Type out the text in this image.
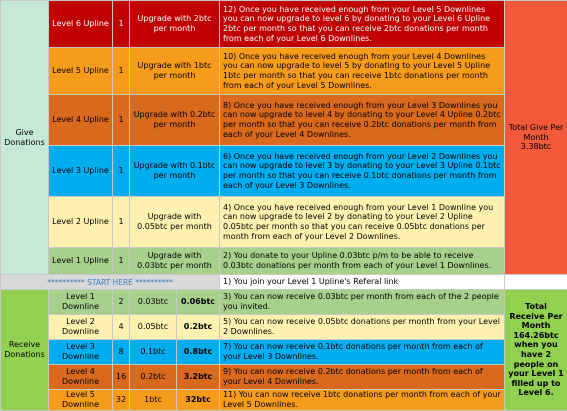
Give Donations	Level 6 Upline	1	Upgrade with 2btc per month		12) Once you have received enough from your Level 5 Downlines you can now upgrade to level 6 by donating to your Level 6 Upline 2btc per month so that you can receive 2btc donations per month from each of your Level 6 Downlines.	Total Give Per Month 3.38btc
	Level 5 Upline	1	Upgrade with 1btc per month		10) Once you have received enough from your Level 4 Downlines you can now upgrade to level 5 by donating to your Level 5 Upline 1btc per month so that you can receive 1btc donations per month from each of your Level 5 Downlines.	
	Level 4 Upline	1	Upgrade with 0.2btc per month		8) Once you have received enough from your Level 3 Downlines you can now upgrade to level 4 by donating to your Level 4 Upline 0.2btc per month so that you can receive 0.2btc donations per month from each of your Level 4 Downlines.	
	Level 3 Upline	1	Upgrade with 0.1btc per month		6) Once you have received enough from your Level 2 Downlines you can now upgrade to level 3 by donating to your Level 3 Upline 0.1btc per month so that you can receive 0.1btc donations per month from each of your Level 3 Downlines.	
	Level 2 Upline	1	Upgrade with 0.05btc per month		4) Once you have received enough from your Level 1 Downline you can now upgrade to level 2 by donating to your Level 2 Upline 0.05btc per month so that you can receive 0.05btc donations per month from each of your Level 2 Downlines.	
	Level 1 Upline	1	Upgrade with 0.03btc per month		2) You donate to your Upline 0.03btc p/m to be able to receive 0.03btc donations per month from each of your Level 1 Downlines.	
********** START HERE **********					1) You join your Level 1 Upline's Referal link	
Receive Donations	Level 1 Downline	2	0.03btc	0.06btc	3) You can now receive 0.03btc per month from each of the 2 people you invited.	Total Receive Per Month 164.26btc when you have 2 people on your Level 1 filled up to Level 6.
	Level 2 Downline	4	0.05btc	0.2btc	5) You can now receive 0.05btc donations per month from your Level 2 Downlines.	
	Level 3 Downline	8	0.1btc	0.8btc	7) You can now receive 0.1btc donations per month from each of your Level 3 Downlines.	
	Level 4 Downline	16	0.2btc	3.2btc	9) You can now receive 0.2btc donations per month from each of your Level 4 Downlines.	
	Level 5 Downline	32	1btc	32btc	11) You can now receive 1btc donations per month from each of your Level 5 Downlines.	
